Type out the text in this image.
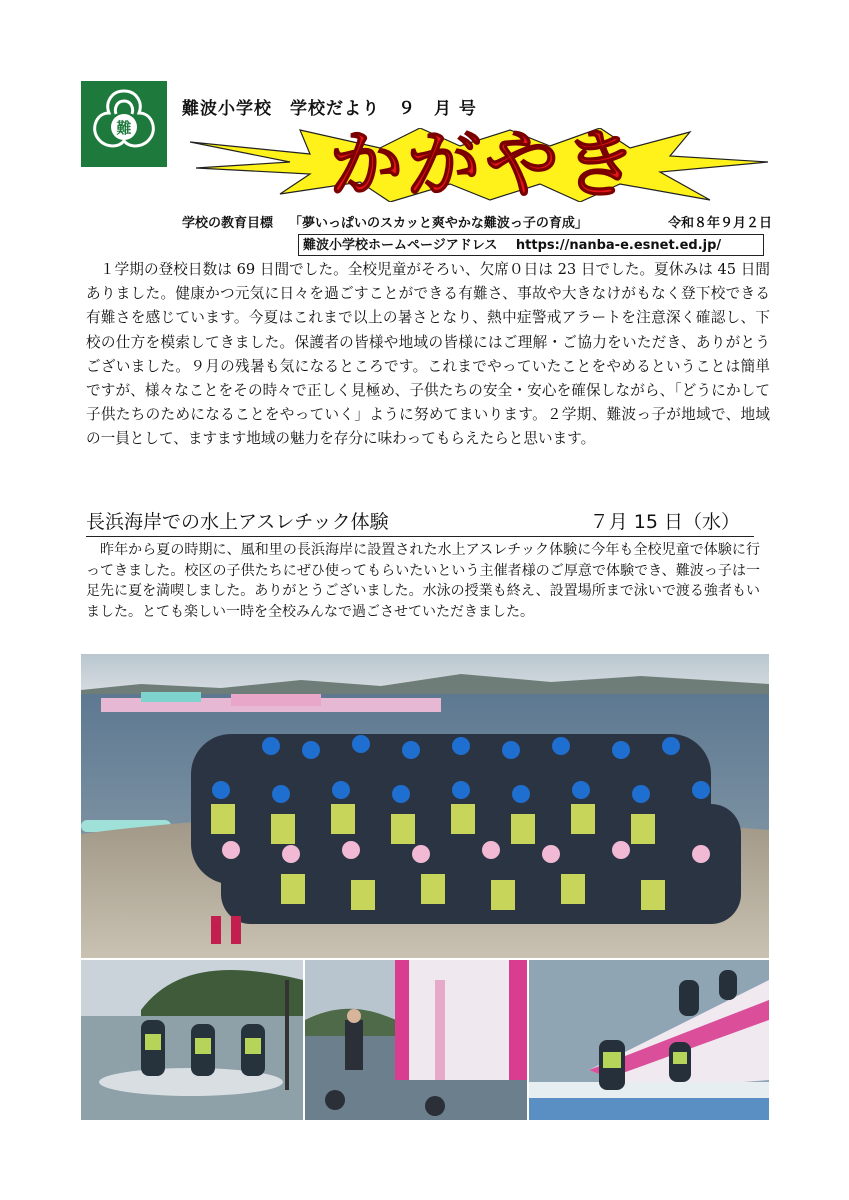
難
難波小学校　学校だより　９　月 号
かがやき
学校の教育目標 「夢いっぱいのスカッと爽やかな難波っ子の育成」	令和８年９月２日
難波小学校ホームページアドレス https://nanba-e.esnet.ed.jp/

１学期の登校日数は 69 日間でした。全校児童がそろい、欠席０日は 23 日でした。夏休みは 45 日間ありました。健康かつ元気に日々を過ごすことができる有難さ、事故や大きなけがもなく登下校できる有難さを感じています。今夏はこれまで以上の暑さとなり、熱中症警戒アラートを注意深く確認し、下校の仕方を模索してきました。保護者の皆様や地域の皆様にはご理解・ご協力をいただき、ありがとうございました。９月の残暑も気になるところです。これまでやっていたことをやめるということは簡単ですが、様々なことをその時々で正しく見極め、子供たちの安全・安心を確保しながら、「どうにかして子供たちのためになることをやっていく」ように努めてまいります。２学期、難波っ子が地域で、地域の一員として、ますます地域の魅力を存分に味わってもらえたらと思います。

長浜海岸での水上アスレチック体験	７月 15 日（水）

昨年から夏の時期に、風和里の長浜海岸に設置された水上アスレチック体験に今年も全校児童で体験に行ってきました。校区の子供たちにぜひ使ってもらいたいという主催者様のご厚意で体験でき、難波っ子は一足先に夏を満喫しました。ありがとうございました。水泳の授業も終え、設置場所まで泳いで渡る強者もいました。とても楽しい一時を全校みんなで過ごさせていただきました。
